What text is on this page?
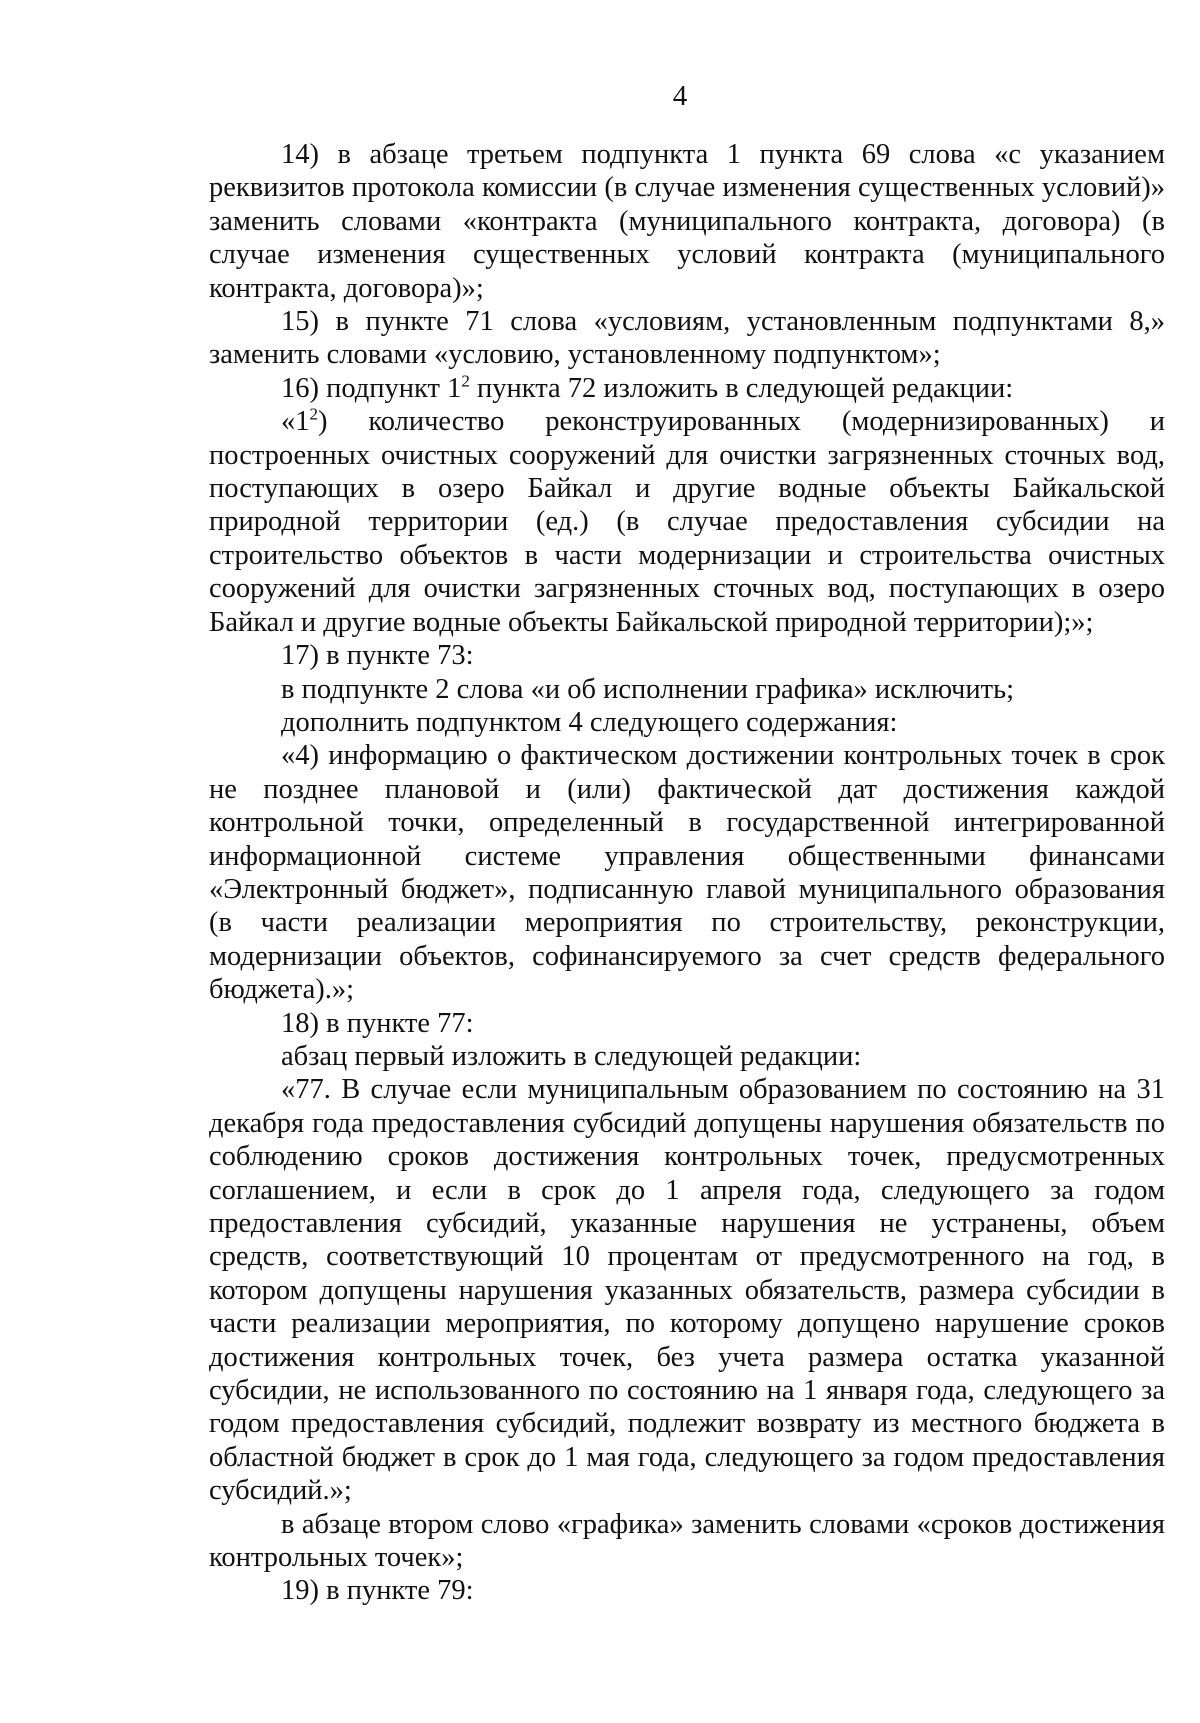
4

14) в абзаце третьем подпункта 1 пункта 69 слова «с указанием реквизитов протокола комиссии (в случае изменения существенных условий)» заменить словами «контракта (муниципального контракта, договора) (в случае изменения существенных условий контракта (муниципального контракта, договора)»;

15) в пункте 71 слова «условиям, установленным подпунктами 8,» заменить словами «условию, установленному подпунктом»;

16) подпункт $1^2$ пункта 72 изложить в следующей редакции:

«$1^2$) количество реконструированных (модернизированных) и построенных очистных сооружений для очистки загрязненных сточных вод, поступающих в озеро Байкал и другие водные объекты Байкальской природной территории (ед.) (в случае предоставления субсидии на строительство объектов в части модернизации и строительства очистных сооружений для очистки загрязненных сточных вод, поступающих в озеро Байкал и другие водные объекты Байкальской природной территории);»;

17) в пункте 73:

в подпункте 2 слова «и об исполнении графика» исключить;

дополнить подпунктом 4 следующего содержания:

«4) информацию о фактическом достижении контрольных точек в срок не позднее плановой и (или) фактической дат достижения каждой контрольной точки, определенный в государственной интегрированной информационной системе управления общественными финансами «Электронный бюджет», подписанную главой муниципального образования (в части реализации мероприятия по строительству, реконструкции, модернизации объектов, софинансируемого за счет средств федерального бюджета).»;

18) в пункте 77:

абзац первый изложить в следующей редакции:

«77. В случае если муниципальным образованием по состоянию на 31 декабря года предоставления субсидий допущены нарушения обязательств по соблюдению сроков достижения контрольных точек, предусмотренных соглашением, и если в срок до 1 апреля года, следующего за годом предоставления субсидий, указанные нарушения не устранены, объем средств, соответствующий 10 процентам от предусмотренного на год, в котором допущены нарушения указанных обязательств, размера субсидии в части реализации мероприятия, по которому допущено нарушение сроков достижения контрольных точек, без учета размера остатка указанной субсидии, не использованного по состоянию на 1 января года, следующего за годом предоставления субсидий, подлежит возврату из местного бюджета в областной бюджет в срок до 1 мая года, следующего за годом предоставления субсидий.»;

в абзаце втором слово «графика» заменить словами «сроков достижения контрольных точек»;

19) в пункте 79:
